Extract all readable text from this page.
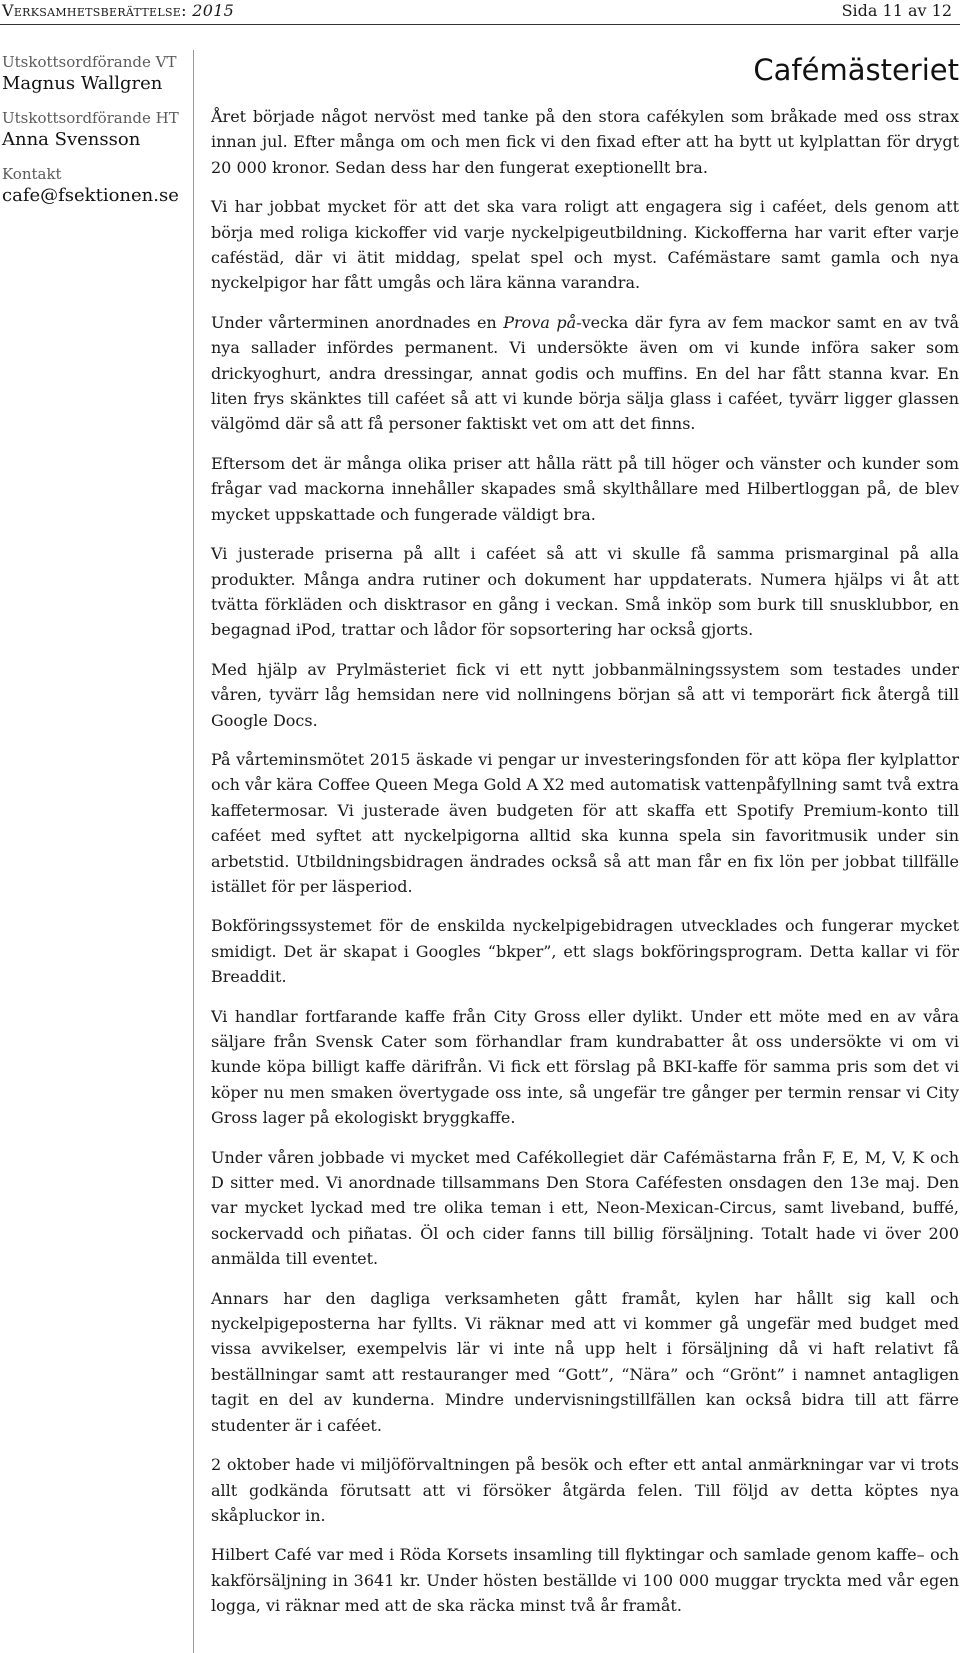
Verksamhetsberättelse: 2015	Sida 11 av 12
Utskottsordförande VT
Magnus Wallgren
Utskottsordförande HT
Anna Svensson
Kontakt
cafe@fsektionen.se
Cafémästeriet

Året började något nervöst med tanke på den stora cafékylen som bråkade med oss strax innan jul. Efter många om och men fick vi den fixad efter att ha bytt ut kylplattan för drygt 20 000 kronor. Sedan dess har den fungerat exeptionellt bra.

Vi har jobbat mycket för att det ska vara roligt att engagera sig i caféet, dels genom att börja med roliga kickoffer vid varje nyckelpigeutbildning. Kickofferna har varit efter varje caféstäd, där vi ätit middag, spelat spel och myst. Cafémästare samt gamla och nya nyckelpigor har fått umgås och lära känna varandra.

Under vårterminen anordnades en Prova på-vecka där fyra av fem mackor samt en av två nya sallader infördes permanent. Vi undersökte även om vi kunde införa saker som drickyoghurt, andra dressingar, annat godis och muffins. En del har fått stanna kvar. En liten frys skänktes till caféet så att vi kunde börja sälja glass i caféet, tyvärr ligger glassen välgömd där så att få personer faktiskt vet om att det finns.

Eftersom det är många olika priser att hålla rätt på till höger och vänster och kunder som frågar vad mackorna innehåller skapades små skylthållare med Hilbertloggan på, de blev mycket uppskattade och fungerade väldigt bra.

Vi justerade priserna på allt i caféet så att vi skulle få samma prismarginal på alla produkter. Många andra rutiner och dokument har uppdaterats. Numera hjälps vi åt att tvätta förkläden och disktrasor en gång i veckan. Små inköp som burk till snusklubbor, en begagnad iPod, trattar och lådor för sopsortering har också gjorts.

Med hjälp av Prylmästeriet fick vi ett nytt jobbanmälningssystem som testades under våren, tyvärr låg hemsidan nere vid nollningens början så att vi temporärt fick återgå till Google Docs.

På vårteminsmötet 2015 äskade vi pengar ur investeringsfonden för att köpa fler kylplattor och vår kära Coffee Queen Mega Gold A X2 med automatisk vattenpåfyllning samt två extra kaffetermosar. Vi justerade även budgeten för att skaffa ett Spotify Premium-konto till caféet med syftet att nyckelpigorna alltid ska kunna spela sin favoritmusik under sin arbetstid. Utbildningsbidragen ändrades också så att man får en fix lön per jobbat tillfälle istället för per läsperiod.

Bokföringssystemet för de enskilda nyckelpigebidragen utvecklades och fungerar mycket smidigt. Det är skapat i Googles “bkper”, ett slags bokföringsprogram. Detta kallar vi för Breaddit.

Vi handlar fortfarande kaffe från City Gross eller dylikt. Under ett möte med en av våra säljare från Svensk Cater som förhandlar fram kundrabatter åt oss undersökte vi om vi kunde köpa billigt kaffe därifrån. Vi fick ett förslag på BKI-kaffe för samma pris som det vi köper nu men smaken övertygade oss inte, så ungefär tre gånger per termin rensar vi City Gross lager på ekologiskt bryggkaffe.

Under våren jobbade vi mycket med Cafékollegiet där Cafémästarna från F, E, M, V, K och D sitter med. Vi anordnade tillsammans Den Stora Caféfesten onsdagen den 13e maj. Den var mycket lyckad med tre olika teman i ett, Neon-Mexican-Circus, samt liveband, buffé, sockervadd och piñatas. Öl och cider fanns till billig försäljning. Totalt hade vi över 200 anmälda till eventet.

Annars har den dagliga verksamheten gått framåt, kylen har hållt sig kall och nyckelpigeposterna har fyllts. Vi räknar med att vi kommer gå ungefär med budget med vissa avvikelser, exempelvis lär vi inte nå upp helt i försäljning då vi haft relativt få beställningar samt att restauranger med “Gott”, “Nära” och “Grönt” i namnet antagligen tagit en del av kunderna. Mindre undervisningstillfällen kan också bidra till att färre studenter är i caféet.

2 oktober hade vi miljöförvaltningen på besök och efter ett antal anmärkningar var vi trots allt godkända förutsatt att vi försöker åtgärda felen. Till följd av detta köptes nya skåpluckor in.

Hilbert Café var med i Röda Korsets insamling till flyktingar och samlade genom kaffe– och kakförsäljning in 3641 kr. Under hösten beställde vi 100 000 muggar tryckta med vår egen logga, vi räknar med att de ska räcka minst två år framåt.
